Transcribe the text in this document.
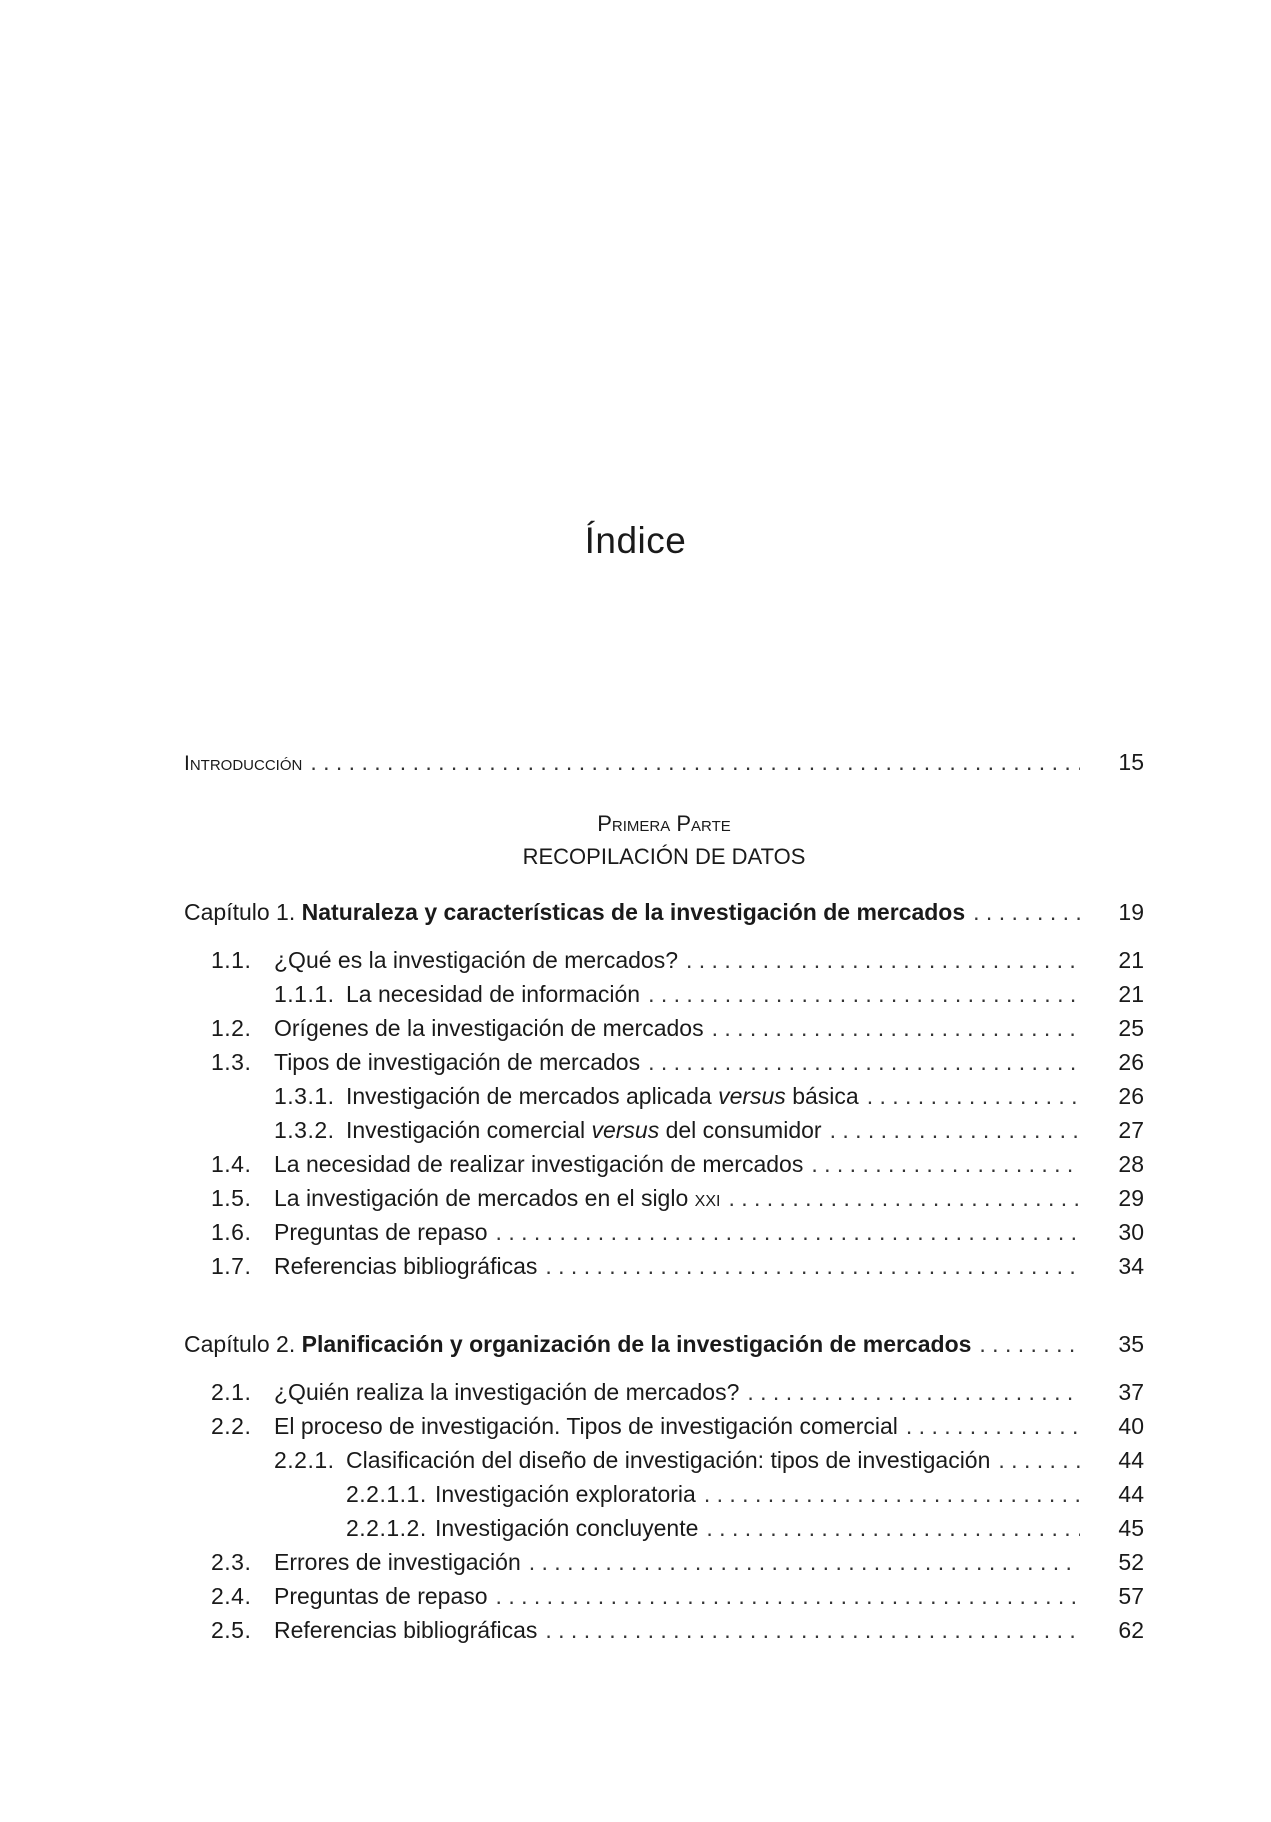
Índice
Introducción . . .	15
Primera Parte
RECOPILACIÓN DE DATOS
Capítulo 1. Naturaleza y características de la investigación de mercados . . .	19
1.1. ¿Qué es la investigación de mercados? . . .	21
1.1.1. La necesidad de información . . .	21
1.2. Orígenes de la investigación de mercados . . .	25
1.3. Tipos de investigación de mercados . . .	26
1.3.1. Investigación de mercados aplicada versus básica . . .	26
1.3.2. Investigación comercial versus del consumidor . . .	27
1.4. La necesidad de realizar investigación de mercados . . .	28
1.5. La investigación de mercados en el siglo xxi . . .	29
1.6. Preguntas de repaso . . .	30
1.7. Referencias bibliográficas . . .	34
Capítulo 2. Planificación y organización de la investigación de mercados . . .	35
2.1. ¿Quién realiza la investigación de mercados? . . .	37
2.2. El proceso de investigación. Tipos de investigación comercial . . .	40
2.2.1. Clasificación del diseño de investigación: tipos de investigación . . .	44
2.2.1.1. Investigación exploratoria . . .	44
2.2.1.2. Investigación concluyente . . .	45
2.3. Errores de investigación . . .	52
2.4. Preguntas de repaso . . .	57
2.5. Referencias bibliográficas . . .	62
